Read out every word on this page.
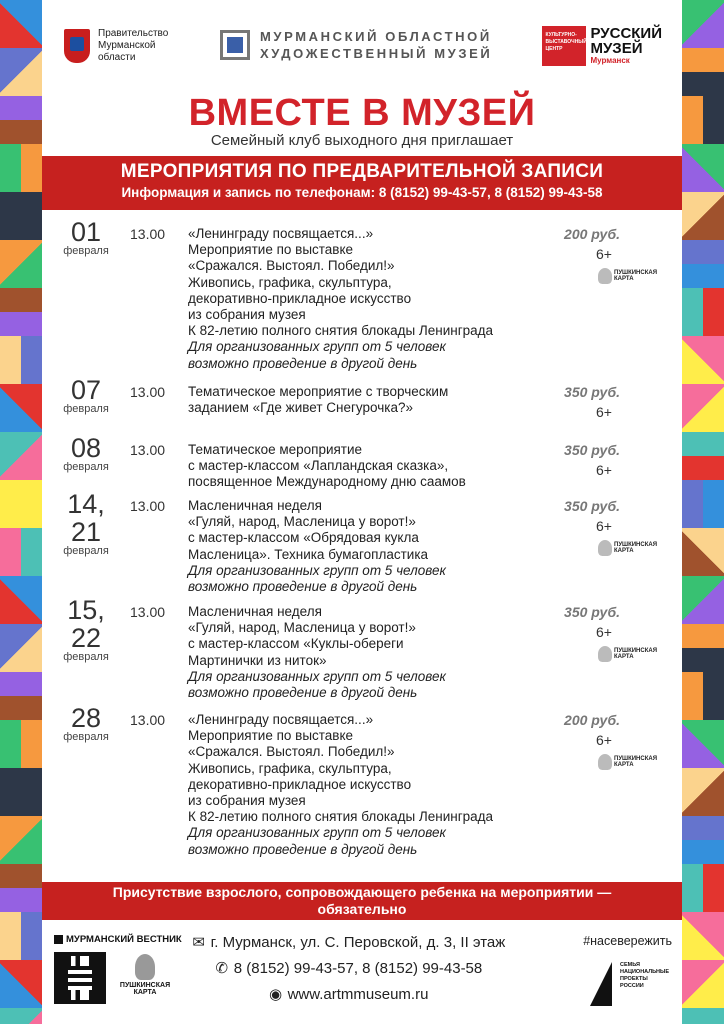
Правительство Мурманской области
МУРМАНСКИЙ ОБЛАСТНОЙ
ХУДОЖЕСТВЕННЫЙ МУЗЕЙ
КУЛЬТУРНО-ВЫСТАВОЧНЫЙ ЦЕНТР
РУССКИЙ
МУЗЕЙ
Мурманск
ВМЕСТЕ В МУЗЕЙ
Семейный клуб выходного дня приглашает
МЕРОПРИЯТИЯ ПО ПРЕДВАРИТЕЛЬНОЙ ЗАПИСИ
Информация и запись по телефонам: 8 (8152) 99-43-57, 8 (8152) 99-43-58
01
февраля
13.00 «Ленинграду посвящается...»
Мероприятие по выставке
«Сражался. Выстоял. Победил!»
Живопись, графика, скульптура,
декоративно-прикладное искусство
из собрания музея
К 82-летию полного снятия блокады Ленинграда
Для организованных групп от 5 человек
возможно проведение в другой день
200 руб.
6+
ПУШКИНСКАЯ
КАРТА
07
февраля
13.00 Тематическое мероприятие с творческим
заданием «Где живет Снегурочка?»
350 руб.
6+
08
февраля
13.00 Тематическое мероприятие
с мастер-классом «Лапландская сказка»,
посвященное Международному дню саамов
350 руб.
6+
14, 21
февраля
13.00 Масленичная неделя
«Гуляй, народ, Масленица у ворот!»
с мастер-классом «Обрядовая кукла
Масленица». Техника бумагопластика
Для организованных групп от 5 человек
возможно проведение в другой день
350 руб.
6+
ПУШКИНСКАЯ
КАРТА
15, 22
февраля
13.00 Масленичная неделя
«Гуляй, народ, Масленица у ворот!»
с мастер-классом «Куклы-обереги
Мартинички из ниток»
Для организованных групп от 5 человек
возможно проведение в другой день
350 руб.
6+
ПУШКИНСКАЯ
КАРТА
28
февраля
13.00 «Ленинграду посвящается...»
Мероприятие по выставке
«Сражался. Выстоял. Победил!»
Живопись, графика, скульптура,
декоративно-прикладное искусство
из собрания музея
К 82-летию полного снятия блокады Ленинграда
Для организованных групп от 5 человек
возможно проведение в другой день
200 руб.
6+
ПУШКИНСКАЯ
КАРТА
Присутствие взрослого, сопровождающего ребенка на мероприятии —
обязательно
МУРМАНСКИЙ ВЕСТНИК
ПУШКИНСКАЯ
КАРТА
✉ г. Мурманск, ул. С. Перовской, д. 3, II этаж
✆ 8 (8152) 99-43-57, 8 (8152) 99-43-58
◉ www.artmmuseum.ru
#насевережить
СЕМЬЯ
НАЦИОНАЛЬНЫЕ ПРОЕКТЫ РОССИИ
